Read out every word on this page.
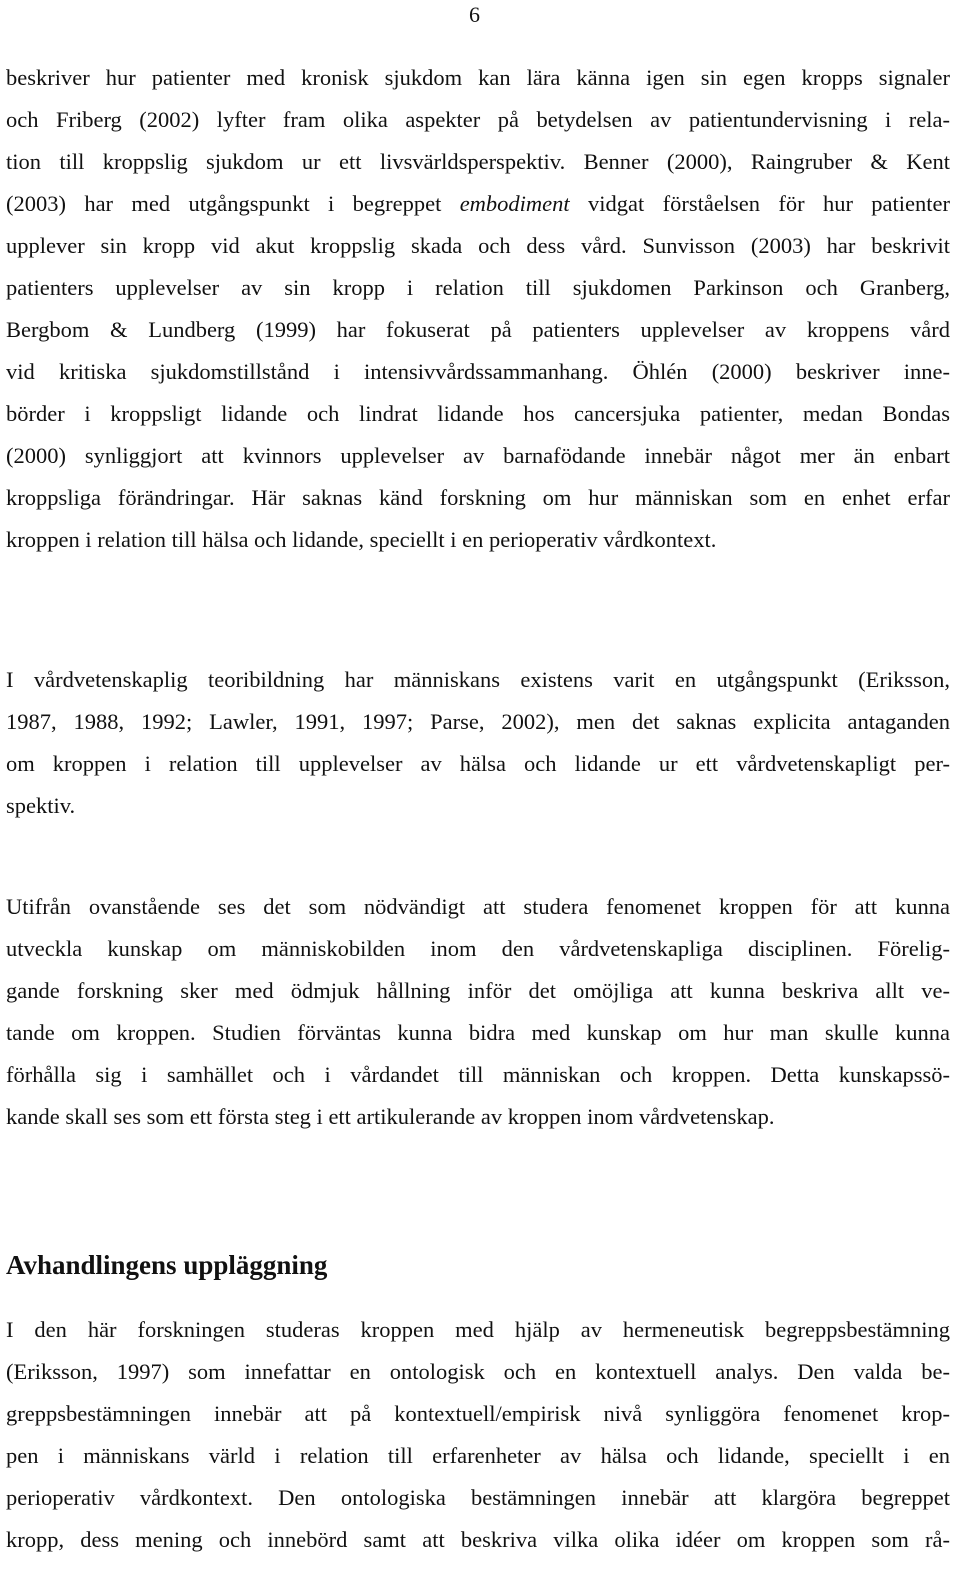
6
beskriver hur patienter med kronisk sjukdom kan lära känna igen sin egen kropps signaler
och Friberg (2002) lyfter fram olika aspekter på betydelsen av patientundervisning i rela-
tion till kroppslig sjukdom ur ett livsvärldsperspektiv. Benner (2000), Raingruber & Kent
(2003) har med utgångspunkt i begreppet embodiment vidgat förståelsen för hur patienter
upplever sin kropp vid akut kroppslig skada och dess vård. Sunvisson (2003) har beskrivit
patienters upplevelser av sin kropp i relation till sjukdomen Parkinson och Granberg,
Bergbom & Lundberg (1999) har fokuserat på patienters upplevelser av kroppens vård
vid kritiska sjukdomstillstånd i intensivvårdssammanhang. Öhlén (2000) beskriver inne-
börder i kroppsligt lidande och lindrat lidande hos cancersjuka patienter, medan Bondas
(2000) synliggjort att kvinnors upplevelser av barnafödande innebär något mer än enbart
kroppsliga förändringar. Här saknas känd forskning om hur människan som en enhet erfar
kroppen i relation till hälsa och lidande, speciellt i en perioperativ vårdkontext.
I vårdvetenskaplig teoribildning har människans existens varit en utgångspunkt (Eriksson,
1987, 1988, 1992; Lawler, 1991, 1997; Parse, 2002), men det saknas explicita antaganden
om kroppen i relation till upplevelser av hälsa och lidande ur ett vårdvetenskapligt per-
spektiv.
Utifrån ovanstående ses det som nödvändigt att studera fenomenet kroppen för att kunna
utveckla kunskap om människobilden inom den vårdvetenskapliga disciplinen. Förelig-
gande forskning sker med ödmjuk hållning inför det omöjliga att kunna beskriva allt ve-
tande om kroppen. Studien förväntas kunna bidra med kunskap om hur man skulle kunna
förhålla sig i samhället och i vårdandet till människan och kroppen. Detta kunskapssö-
kande skall ses som ett första steg i ett artikulerande av kroppen inom vårdvetenskap.
Avhandlingens uppläggning
I den här forskningen studeras kroppen med hjälp av hermeneutisk begreppsbestämning
(Eriksson, 1997) som innefattar en ontologisk och en kontextuell analys. Den valda be-
greppsbestämningen innebär att på kontextuell/empirisk nivå synliggöra fenomenet krop-
pen i människans värld i relation till erfarenheter av hälsa och lidande, speciellt i en
perioperativ vårdkontext. Den ontologiska bestämningen innebär att klargöra begreppet
kropp, dess mening och innebörd samt att beskriva vilka olika idéer om kroppen som rå-
